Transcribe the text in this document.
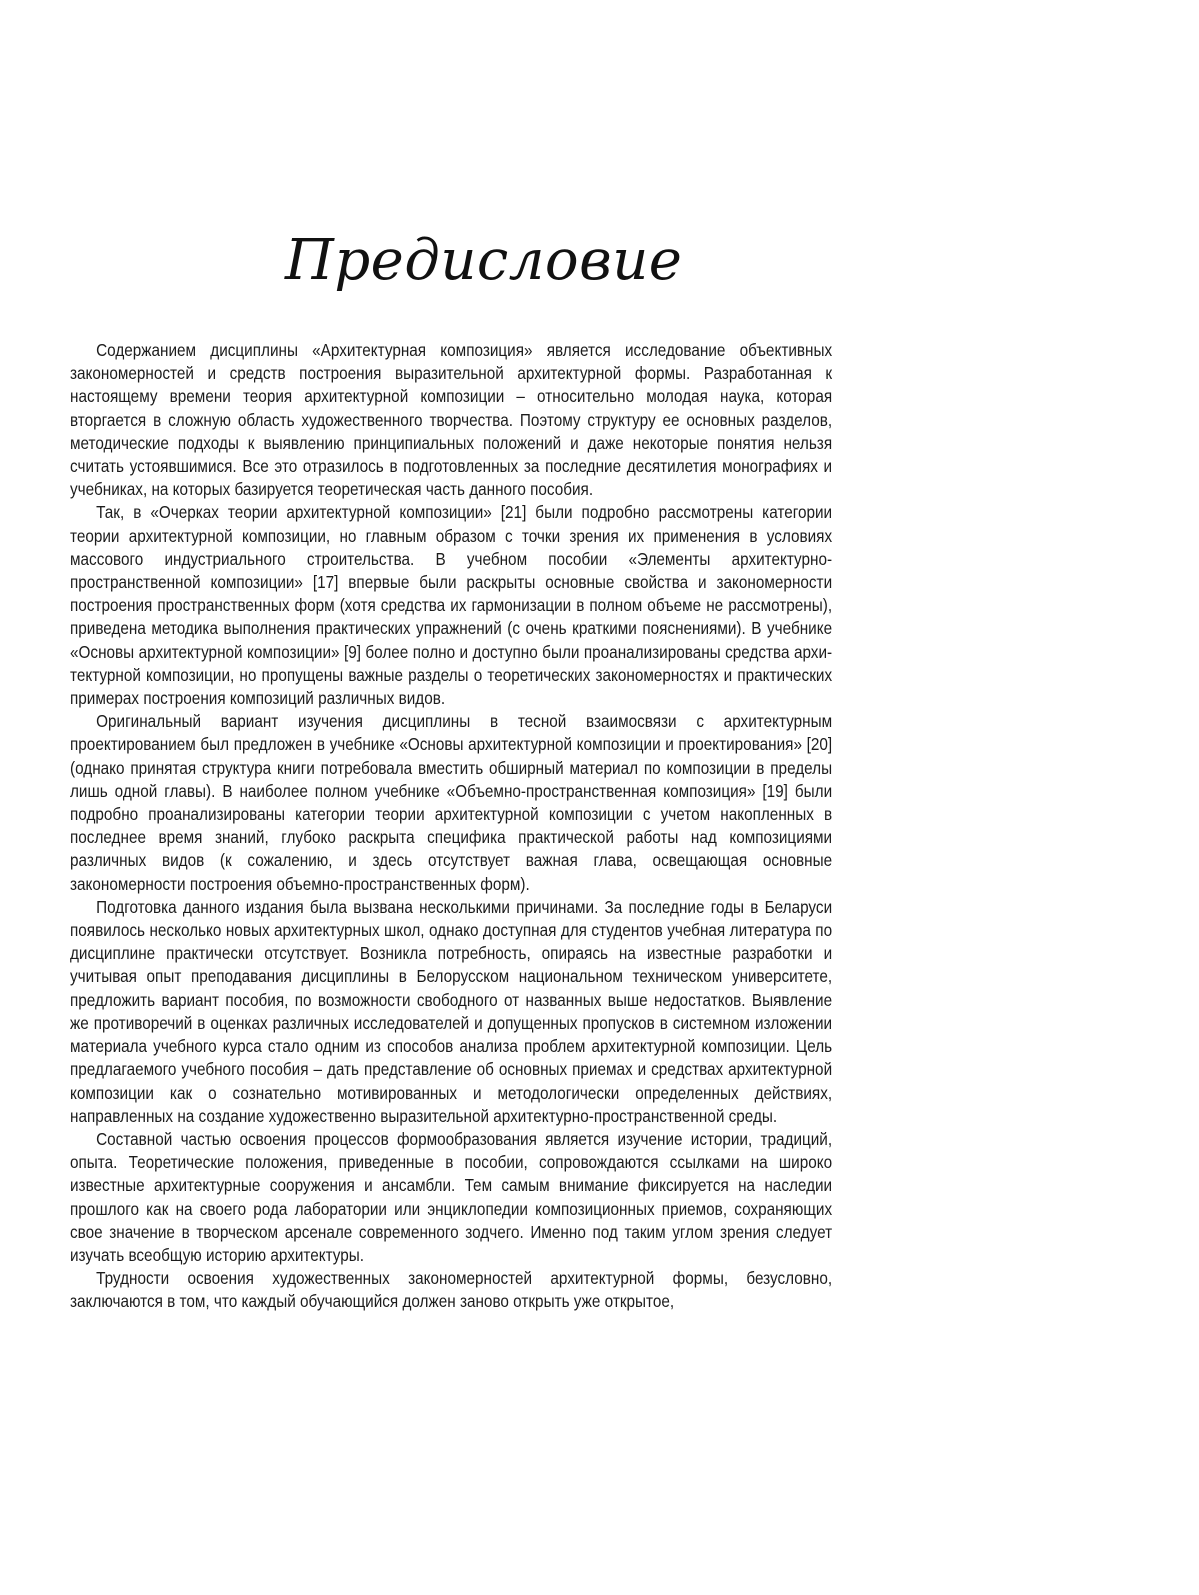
Предисловие

Содержанием дисциплины «Архитектурная композиция» является исследование объективных закономерностей и средств построения выразительной архитектурной формы. Разработанная к настоящему времени теория архитектурной композиции – относительно молодая наука, которая вторгается в сложную область художественного творчества. Поэтому структуру ее основных разделов, методические подходы к выявлению принципиальных положений и даже некоторые понятия нельзя считать устоявшимися. Все это отразилось в подготовленных за последние десятилетия монографиях и учебниках, на которых базируется теоретическая часть данного пособия.

Так, в «Очерках теории архитектурной композиции» [21] были подробно рассмотрены категории теории архитектурной композиции, но главным образом с точки зрения их применения в условиях массового индустриального строительства. В учебном пособии «Элементы архитектурно-пространственной композиции» [17] впервые были раскрыты основные свойства и закономерности построения пространственных форм (хотя средства их гармонизации в полном объеме не рассмотрены), приведена методика выполнения практических упражнений (с очень краткими пояснениями). В учебнике «Основы архитектурной композиции» [9] более полно и доступно были проанализированы средства архитектурной композиции, но пропущены важные разделы о теоретических закономерностях и практических примерах построения композиций различных видов.

Оригинальный вариант изучения дисциплины в тесной взаимосвязи с архитектурным проектированием был предложен в учебнике «Основы архитектурной композиции и проектирования» [20] (однако принятая структура книги потребовала вместить обширный материал по композиции в пределы лишь одной главы). В наиболее полном учебнике «Объемно-пространственная композиция» [19] были подробно проанализированы категории теории архитектурной композиции с учетом накопленных в последнее время знаний, глубоко раскрыта специфика практической работы над композициями различных видов (к сожалению, и здесь отсутствует важная глава, освещающая основные закономерности построения объемно-пространственных форм).

Подготовка данного издания была вызвана несколькими причинами. За последние годы в Беларуси появилось несколько новых архитектурных школ, однако доступная для студентов учебная литература по дисциплине практически отсутствует. Возникла потребность, опираясь на известные разработки и учитывая опыт преподавания дисциплины в Белорусском национальном техническом университете, предложить вариант пособия, по возможности свободного от названных выше недостатков. Выявление же противоречий в оценках различных исследователей и допущенных пропусков в системном изложении материала учебного курса стало одним из способов анализа проблем архитектурной композиции. Цель предлагаемого учебного пособия – дать представление об основных приемах и средствах архитектурной композиции как о сознательно мотивированных и методологически определенных действиях, направленных на создание художественно выразительной архитектурно-пространственной среды.

Составной частью освоения процессов формообразования является изучение истории, традиций, опыта. Теоретические положения, приведенные в пособии, сопровождаются ссылками на широко известные архитектурные сооружения и ансамбли. Тем самым внимание фиксируется на наследии прошлого как на своего рода лаборатории или энциклопедии композиционных приемов, сохраняющих свое значение в творческом арсенале современного зодчего. Именно под таким углом зрения следует изучать всеобщую историю архитектуры.

Трудности освоения художественных закономерностей архитектурной формы, безусловно, заключаются в том, что каждый обучающийся должен заново открыть уже открытое,
